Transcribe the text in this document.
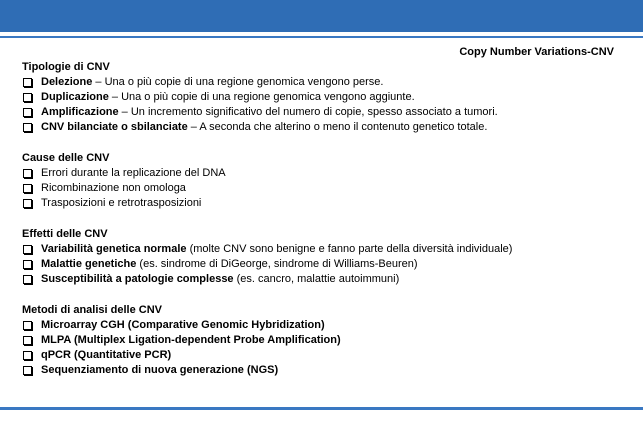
Copy Number Variations-CNV
Tipologie di CNV
Delezione – Una o più copie di una regione genomica vengono perse.
Duplicazione – Una o più copie di una regione genomica vengono aggiunte.
Amplificazione – Un incremento significativo del numero di copie, spesso associato a tumori.
CNV bilanciate o sbilanciate – A seconda che alterino o meno il contenuto genetico totale.
Cause delle CNV
Errori durante la replicazione del DNA
Ricombinazione non omologa
Trasposizioni e retrotrasposizioni
Effetti delle CNV
Variabilità genetica normale (molte CNV sono benigne e fanno parte della diversità individuale)
Malattie genetiche (es. sindrome di DiGeorge, sindrome di Williams-Beuren)
Susceptibilità a patologie complesse (es. cancro, malattie autoimmuni)
Metodi di analisi delle CNV
Microarray CGH (Comparative Genomic Hybridization)
MLPA (Multiplex Ligation-dependent Probe Amplification)
qPCR (Quantitative PCR)
Sequenziamento di nuova generazione (NGS)
